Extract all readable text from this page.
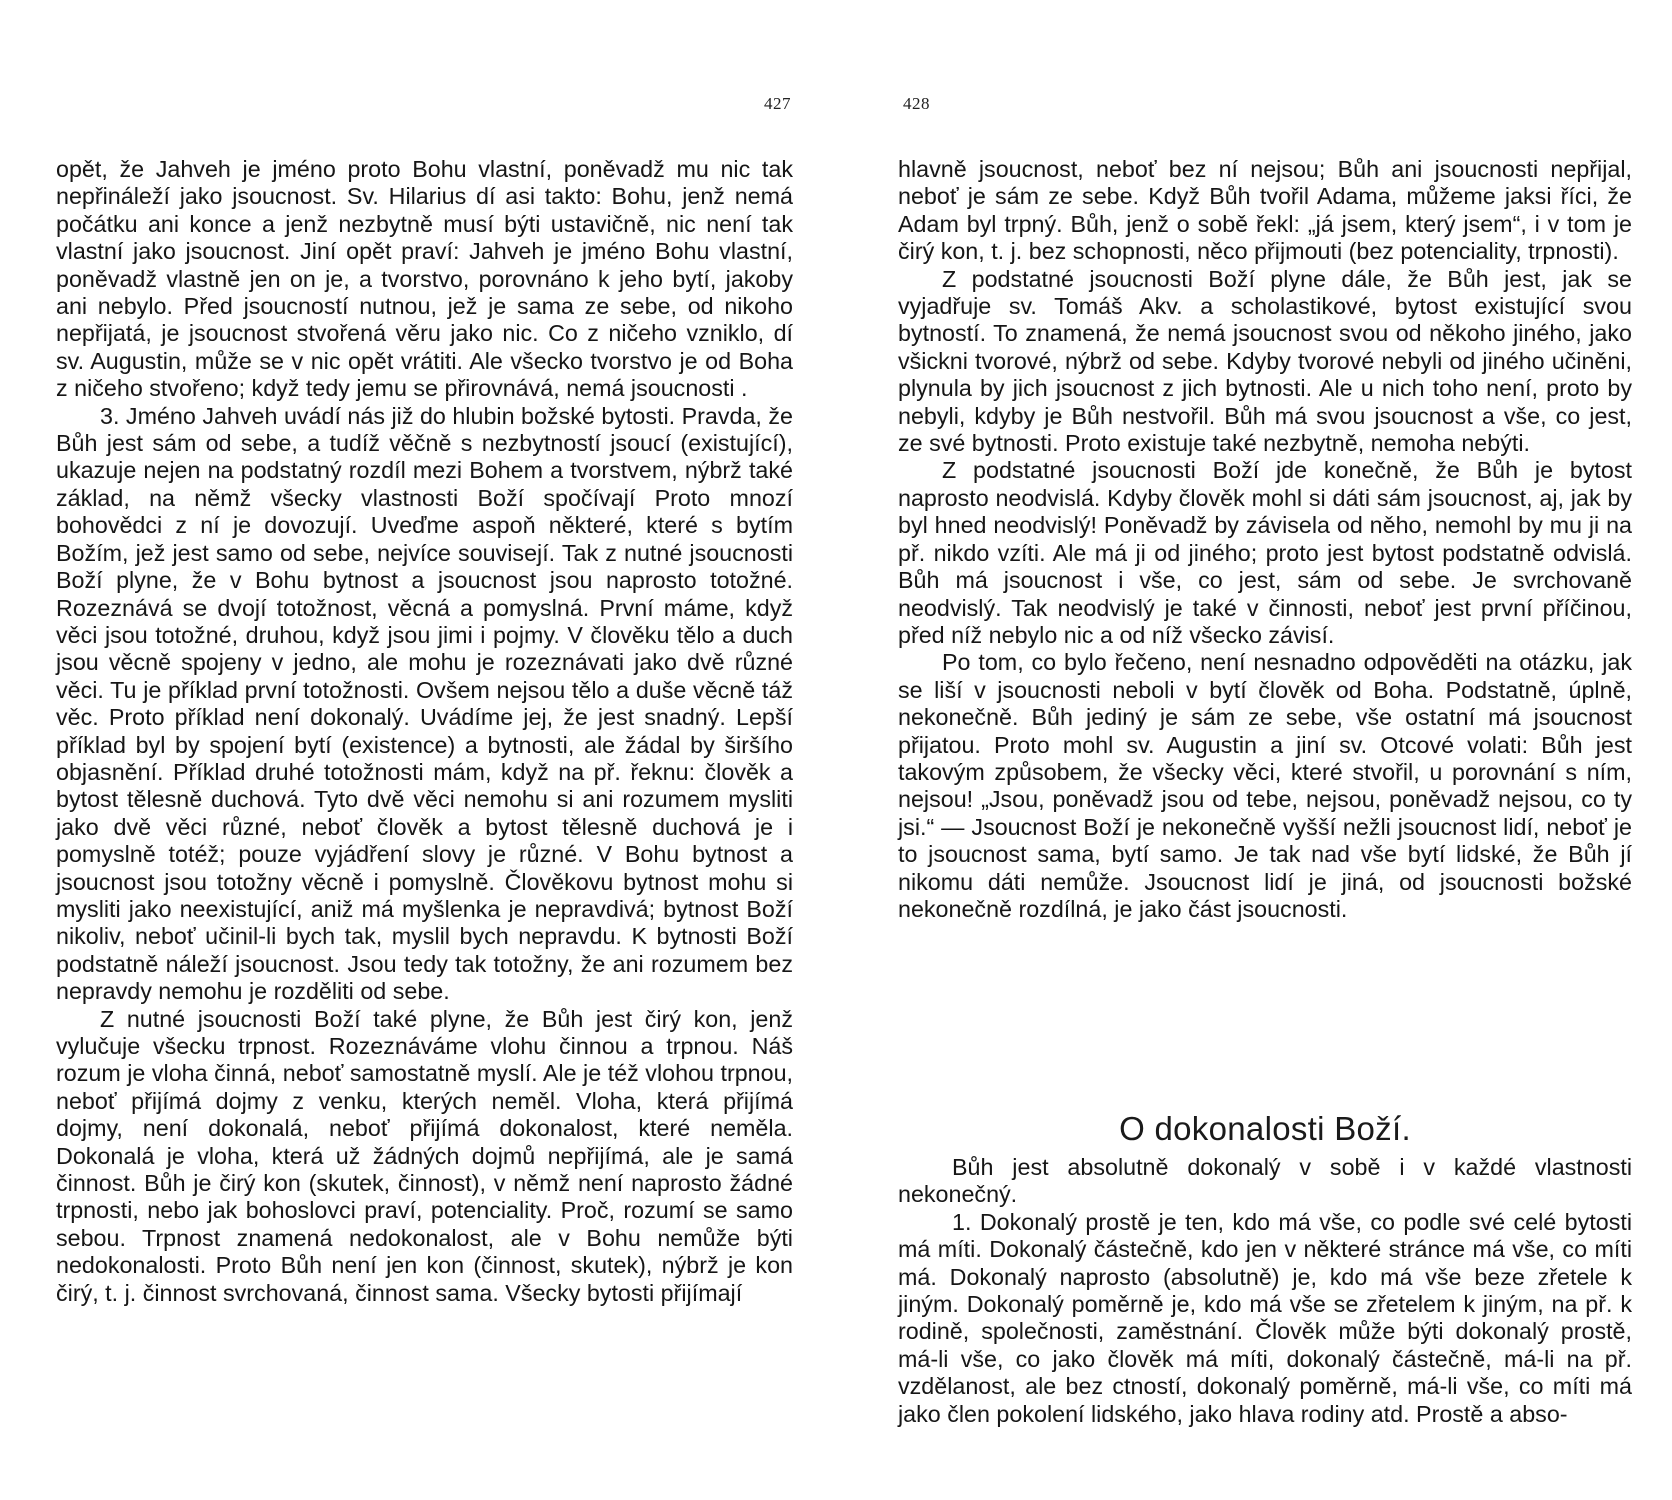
427	428

opět, že Jahveh je jméno proto Bohu vlastní, poněvadž mu nic tak nepřináleží jako jsoucnost. Sv. Hilarius dí asi takto: Bohu, jenž nemá počátku ani konce a jenž nezbytně musí býti ustavičně, nic není tak vlastní jako jsoucnost. Jiní opět praví: Jahveh je jméno Bohu vlastní, poněvadž vlastně jen on je, a tvorstvo, porovnáno k jeho bytí, jakoby ani nebylo. Před jsoucností nutnou, jež je sama ze sebe, od nikoho nepřijatá, je jsoucnost stvořená věru jako nic. Co z ničeho vzniklo, dí sv. Augustin, může se v nic opět vrátiti. Ale všecko tvorstvo je od Boha z ničeho stvořeno; když tedy jemu se přirovnává, nemá jsoucnosti .

3. Jméno Jahveh uvádí nás již do hlubin božské bytosti. Pravda, že Bůh jest sám od sebe, a tudíž věčně s nezbytností jsoucí (existující), ukazuje nejen na podstatný rozdíl mezi Bohem a tvorstvem, nýbrž také základ, na němž všecky vlastnosti Boží spočívají Proto mnozí bohovědci z ní je dovozují. Uveďme aspoň některé, které s bytím Božím, jež jest samo od sebe, nejvíce souvisejí. Tak z nutné jsoucnosti Boží plyne, že v Bohu bytnost a jsoucnost jsou naprosto totožné. Rozeznává se dvojí totožnost, věcná a pomyslná. První máme, když věci jsou totožné, druhou, když jsou jimi i pojmy. V člověku tělo a duch jsou věcně spojeny v jedno, ale mohu je rozeznávati jako dvě různé věci. Tu je příklad první totožnosti. Ovšem nejsou tělo a duše věcně táž věc. Proto příklad není dokonalý. Uvádíme jej, že jest snadný. Lepší příklad byl by spojení bytí (existence) a bytnosti, ale žádal by širšího objasnění. Příklad druhé totožnosti mám, když na př. řeknu: člověk a bytost tělesně duchová. Tyto dvě věci nemohu si ani rozumem mysliti jako dvě věci různé, neboť člověk a bytost tělesně duchová je i pomyslně totéž; pouze vyjádření slovy je různé. V Bohu bytnost a jsoucnost jsou totožny věcně i pomyslně. Člověkovu bytnost mohu si mysliti jako neexistující, aniž má myšlenka je nepravdivá; bytnost Boží nikoliv, neboť učinil-li bych tak, myslil bych nepravdu. K bytnosti Boží podstatně náleží jsoucnost. Jsou tedy tak totožny, že ani rozumem bez nepravdy nemohu je rozděliti od sebe.

Z nutné jsoucnosti Boží také plyne, že Bůh jest čirý kon, jenž vylučuje všecku trpnost. Rozeznáváme vlohu činnou a trpnou. Náš rozum je vloha činná, neboť samostatně myslí. Ale je též vlohou trpnou, neboť přijímá dojmy z venku, kterých neměl. Vloha, která přijímá dojmy, není dokonalá, neboť přijímá dokonalost, které neměla. Dokonalá je vloha, která už žádných dojmů nepřijímá, ale je samá činnost. Bůh je čirý kon (skutek, činnost), v němž není naprosto žádné trpnosti, nebo jak bohoslovci praví, potenciality. Proč, rozumí se samo sebou. Trpnost znamená nedokonalost, ale v Bohu nemůže býti nedokonalosti. Proto Bůh není jen kon (činnost, skutek), nýbrž je kon čirý, t. j. činnost svrchovaná, činnost sama. Všecky bytosti přijímají

hlavně jsoucnost, neboť bez ní nejsou; Bůh ani jsoucnosti nepřijal, neboť je sám ze sebe. Když Bůh tvořil Adama, můžeme jaksi říci, že Adam byl trpný. Bůh, jenž o sobě řekl: „já jsem, který jsem“, i v tom je čirý kon, t. j. bez schopnosti, něco přijmouti (bez potenciality, trpnosti).

Z podstatné jsoucnosti Boží plyne dále, že Bůh jest, jak se vyjadřuje sv. Tomáš Akv. a scholastikové, bytost existující svou bytností. To znamená, že nemá jsoucnost svou od někoho jiného, jako všickni tvorové, nýbrž od sebe. Kdyby tvorové nebyli od jiného učiněni, plynula by jich jsoucnost z jich bytnosti. Ale u nich toho není, proto by nebyli, kdyby je Bůh nestvořil. Bůh má svou jsoucnost a vše, co jest, ze své bytnosti. Proto existuje také nezbytně, nemoha nebýti.

Z podstatné jsoucnosti Boží jde konečně, že Bůh je bytost naprosto neodvislá. Kdyby člověk mohl si dáti sám jsoucnost, aj, jak by byl hned neodvislý! Poněvadž by závisela od něho, nemohl by mu ji na př. nikdo vzíti. Ale má ji od jiného; proto jest bytost podstatně odvislá. Bůh má jsoucnost i vše, co jest, sám od sebe. Je svrchovaně neodvislý. Tak neodvislý je také v činnosti, neboť jest první příčinou, před níž nebylo nic a od níž všecko závisí.

Po tom, co bylo řečeno, není nesnadno odpověděti na otázku, jak se liší v jsoucnosti neboli v bytí člověk od Boha. Podstatně, úplně, nekonečně. Bůh jediný je sám ze sebe, vše ostatní má jsoucnost přijatou. Proto mohl sv. Augustin a jiní sv. Otcové volati: Bůh jest takovým způsobem, že všecky věci, které stvořil, u porovnání s ním, nejsou! „Jsou, poněvadž jsou od tebe, nejsou, poněvadž nejsou, co ty jsi.“ — Jsoucnost Boží je nekonečně vyšší nežli jsoucnost lidí, neboť je to jsoucnost sama, bytí samo. Je tak nad vše bytí lidské, že Bůh jí nikomu dáti nemůže. Jsoucnost lidí je jiná, od jsoucnosti božské nekonečně rozdílná, je jako část jsoucnosti.

O dokonalosti Boží.

Bůh jest absolutně dokonalý v sobě i v každé vlastnosti nekonečný.

1. Dokonalý prostě je ten, kdo má vše, co podle své celé bytosti má míti. Dokonalý částečně, kdo jen v některé stránce má vše, co míti má. Dokonalý naprosto (absolutně) je, kdo má vše beze zřetele k jiným. Dokonalý poměrně je, kdo má vše se zřetelem k jiným, na př. k rodině, společnosti, zaměstnání. Člověk může býti dokonalý prostě, má-li vše, co jako člověk má míti, dokonalý částečně, má-li na př. vzdělanost, ale bez ctností, dokonalý poměrně, má-li vše, co míti má jako člen pokolení lidského, jako hlava rodiny atd. Prostě a abso-
